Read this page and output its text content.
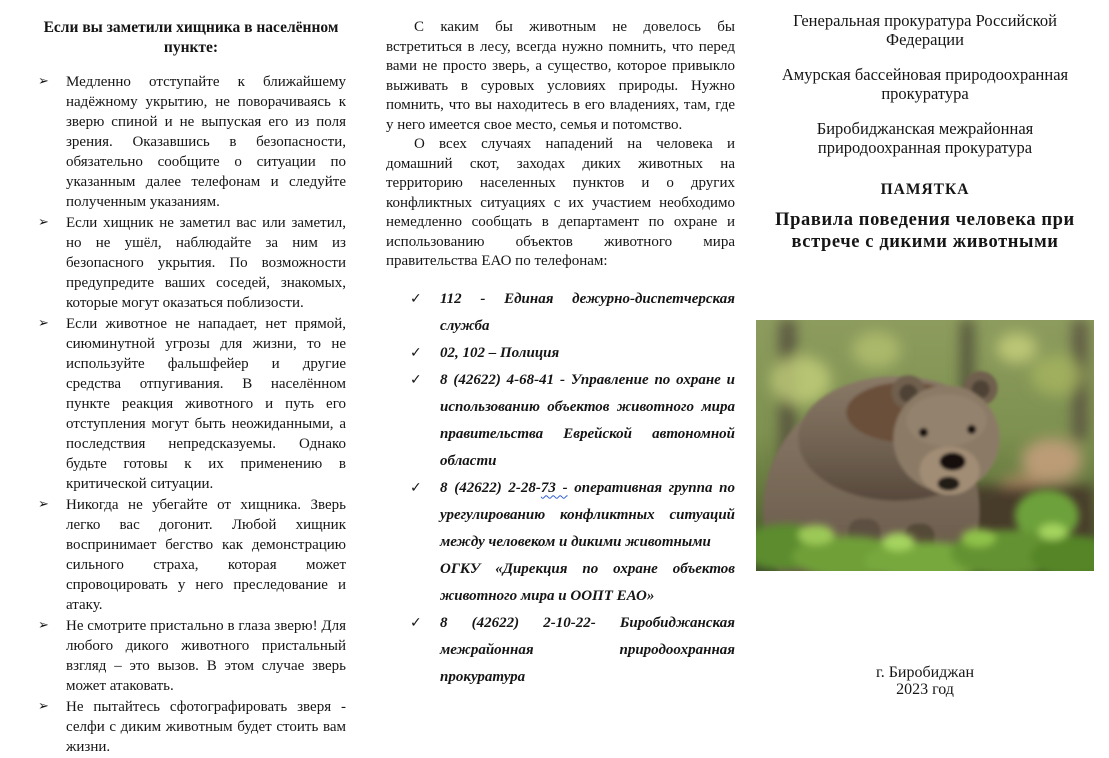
Если вы заметили хищника в населённом пункте:

➢ Медленно отступайте к ближайшему надёжному укрытию, не поворачиваясь к зверю спиной и не выпуская его из поля зрения. Оказавшись в безопасности, обязательно сообщите о ситуации по указанным далее телефонам и следуйте полученным указаниям.
➢ Если хищник не заметил вас или заметил, но не ушёл, наблюдайте за ним из безопасного укрытия. По возможности предупредите ваших соседей, знакомых, которые могут оказаться поблизости.
➢ Если животное не нападает, нет прямой, сиюминутной угрозы для жизни, то не используйте фальшфейер и другие средства отпугивания. В населённом пункте реакция животного и путь его отступления могут быть неожиданными, а последствия непредсказуемы. Однако будьте готовы к их применению в критической ситуации.
➢ Никогда не убегайте от хищника. Зверь легко вас догонит. Любой хищник воспринимает бегство как демонстрацию сильного страха, которая может спровоцировать у него преследование и атаку.
➢ Не смотрите пристально в глаза зверю! Для любого дикого животного пристальный взгляд – это вызов. В этом случае зверь может атаковать.
➢ Не пытайтесь сфотографировать зверя - селфи с диким животным будет стоить вам жизни.

С каким бы животным не довелось бы встретиться в лесу, всегда нужно помнить, что перед вами не просто зверь, а существо, которое привыкло выживать в суровых условиях природы. Нужно помнить, что вы находитесь в его владениях, там, где у него имеется свое место, семья и потомство.

О всех случаях нападений на человека и домашний скот, заходах диких животных на территорию населенных пунктов и о других конфликтных ситуациях с их участием необходимо немедленно сообщать в департамент по охране и использованию объектов животного мира правительства ЕАО по телефонам:

✓ 112 - Единая дежурно-диспетчерская служба
✓ 02, 102 – Полиция
✓ 8 (42622) 4-68-41 - Управление по охране и использованию объектов животного мира правительства Еврейской автономной области
✓ 8 (42622) 2-28-73 - оперативная группа по урегулированию конфликтных ситуаций между человеком и дикими животными
ОГКУ «Дирекция по охране объектов животного мира и ООПТ ЕАО»
✓ 8 (42622) 2-10-22- Биробиджанская межрайонная природоохранная прокуратура

Генеральная прокуратура Российской Федерации

Амурская бассейновая природоохранная прокуратура

Биробиджанская межрайонная природоохранная прокуратура

ПАМЯТКА

Правила поведения человека при встрече с дикими животными

г. Биробиджан
2023 год
